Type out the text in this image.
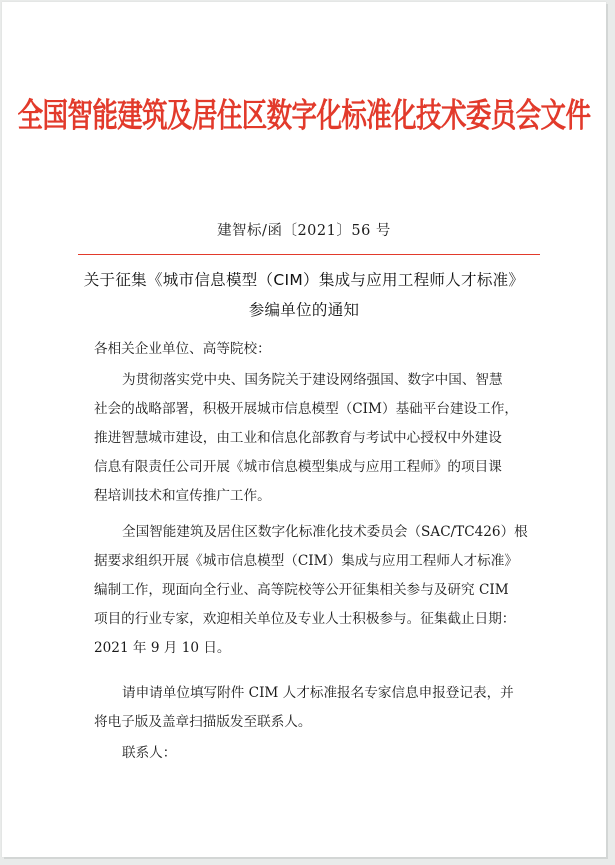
全国智能建筑及居住区数字化标准化技术委员会文件
建智标/函〔2021〕56 号
关于征集《城市信息模型（CIM）集成与应用工程师人才标准》
参编单位的通知
各相关企业单位、高等院校：
为贯彻落实党中央、国务院关于建设网络强国、数字中国、智慧
社会的战略部署，积极开展城市信息模型（CIM）基础平台建设工作，
推进智慧城市建设，由工业和信息化部教育与考试中心授权中外建设
信息有限责任公司开展《城市信息模型集成与应用工程师》的项目课
程培训技术和宣传推广工作。
全国智能建筑及居住区数字化标准化技术委员会（SAC/TC426）根
据要求组织开展《城市信息模型（CIM）集成与应用工程师人才标准》
编制工作，现面向全行业、高等院校等公开征集相关参与及研究 CIM
项目的行业专家，欢迎相关单位及专业人士积极参与。征集截止日期：
2021 年 9 月 10 日。
请申请单位填写附件 CIM 人才标准报名专家信息申报登记表，并
将电子版及盖章扫描版发至联系人。
联系人：
